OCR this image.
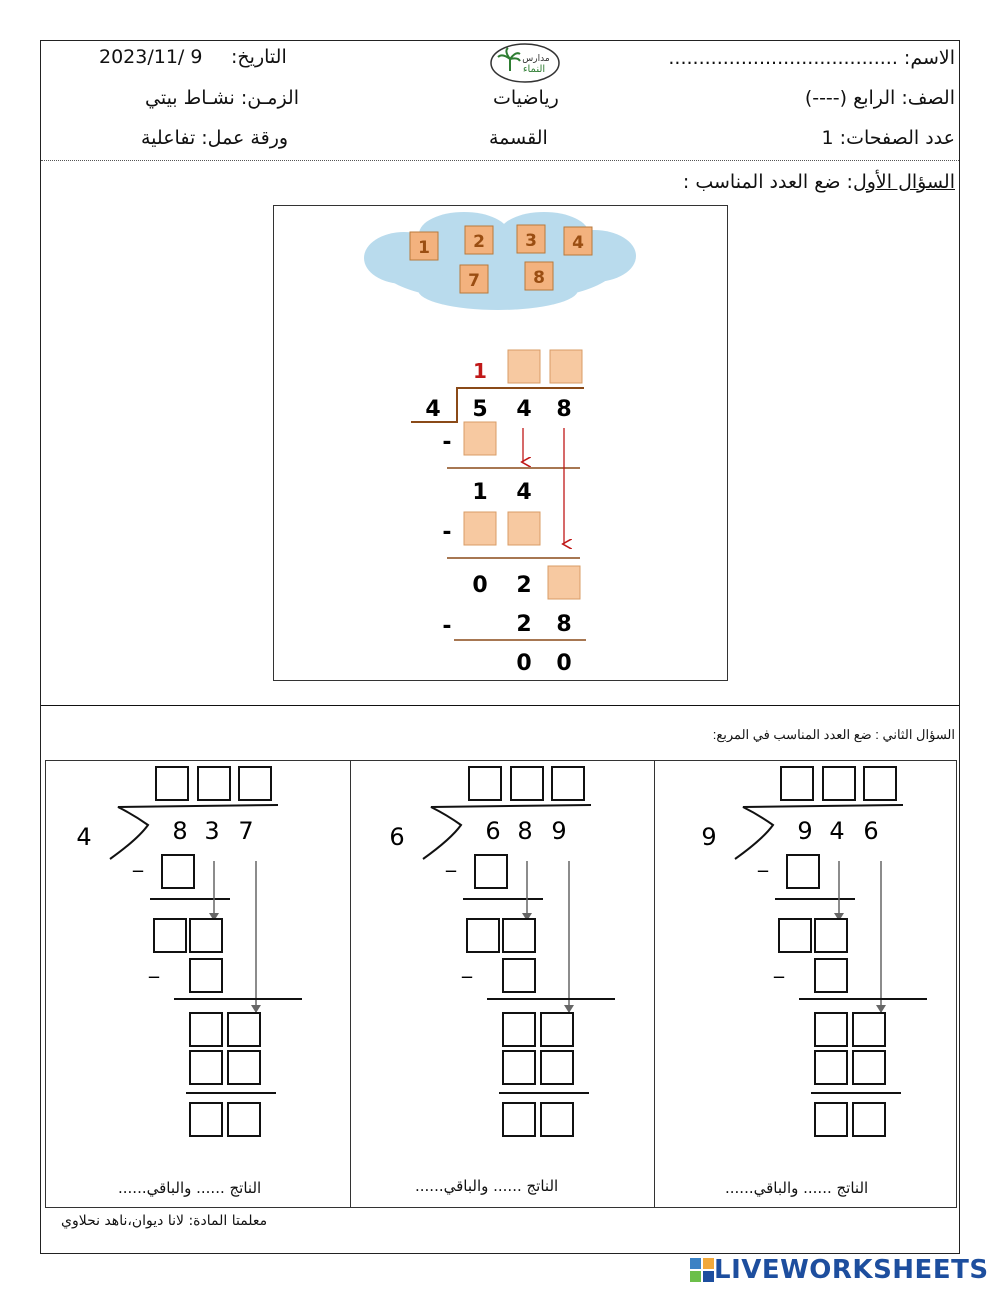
الاسم: ......................................
التاريخ:
2023/11/ 9	مدارس
النماء
الصف: الرابع (----)
رياضيات
الزمـن: نشـاط بيتي
عدد الصفحات: 1
القسمة
ورقة عمل: تفاعلية
السؤال الأول: ضع العدد المناسب :
1	2 3 4
7	8
1
4 5 4 8
-
1 4
-
0 2
-	2 8
0 0
السؤال الثاني : ضع العدد المناسب في المربع:
4	8 3 7
_
_
الناتج ...... والباقي......
6	6 8 9
_
_
الناتج ...... والباقي......
9	9 4 6
_
_
الناتج ...... والباقي......
معلمتا المادة: لانا ديوان،ناهد نحلاوي
LIVEWORKSHEETS
